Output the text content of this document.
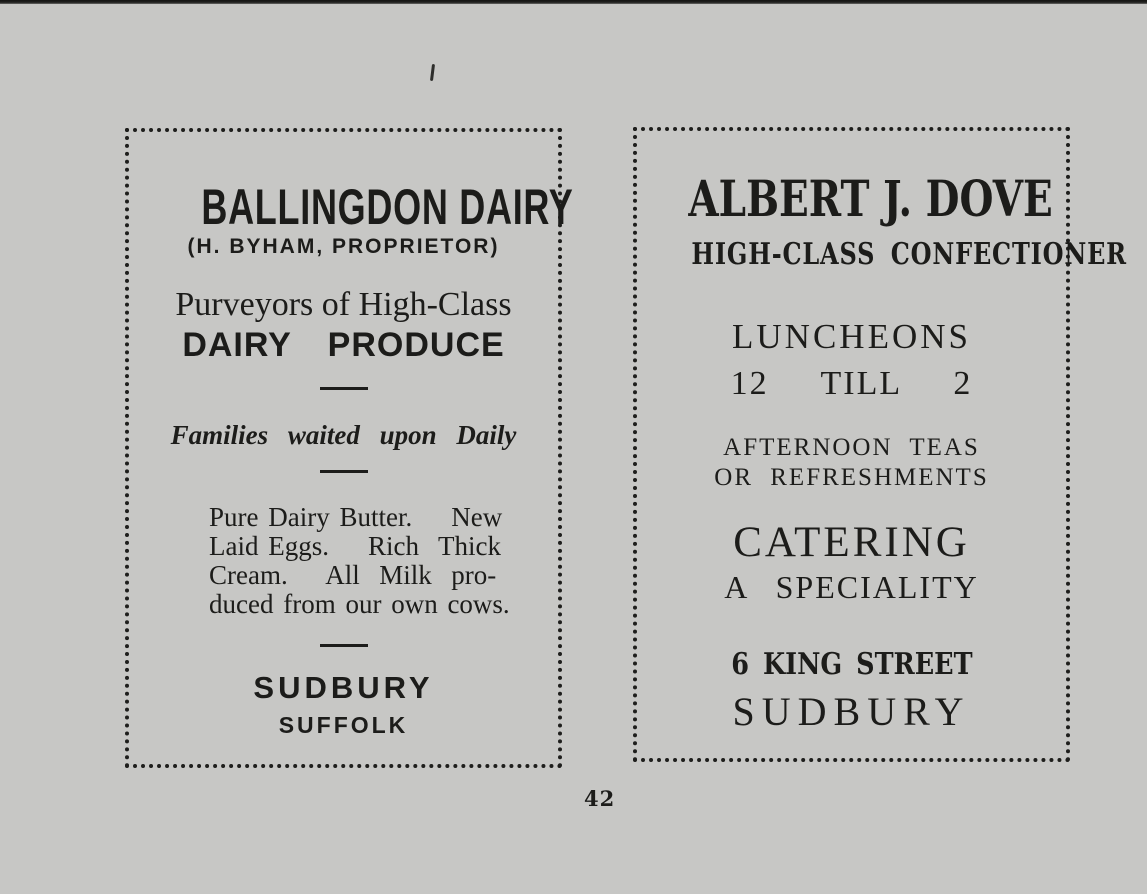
BALLINGDON DAIRY
(H. BYHAM, PROPRIETOR)
Purveyors of High-Class
DAIRY PRODUCE
Families waited upon Daily
Pure Dairy Butter.    New
Laid Eggs.    Rich  Thick
Cream.    All  Milk  pro-
duced from our own cows.
SUDBURY
SUFFOLK
ALBERT J. DOVE
HIGH-CLASS CONFECTIONER
LUNCHEONS
12 TILL 2
AFTERNOON TEAS
OR REFRESHMENTS
CATERING
A SPECIALITY
6 KING STREET
SUDBURY
42
